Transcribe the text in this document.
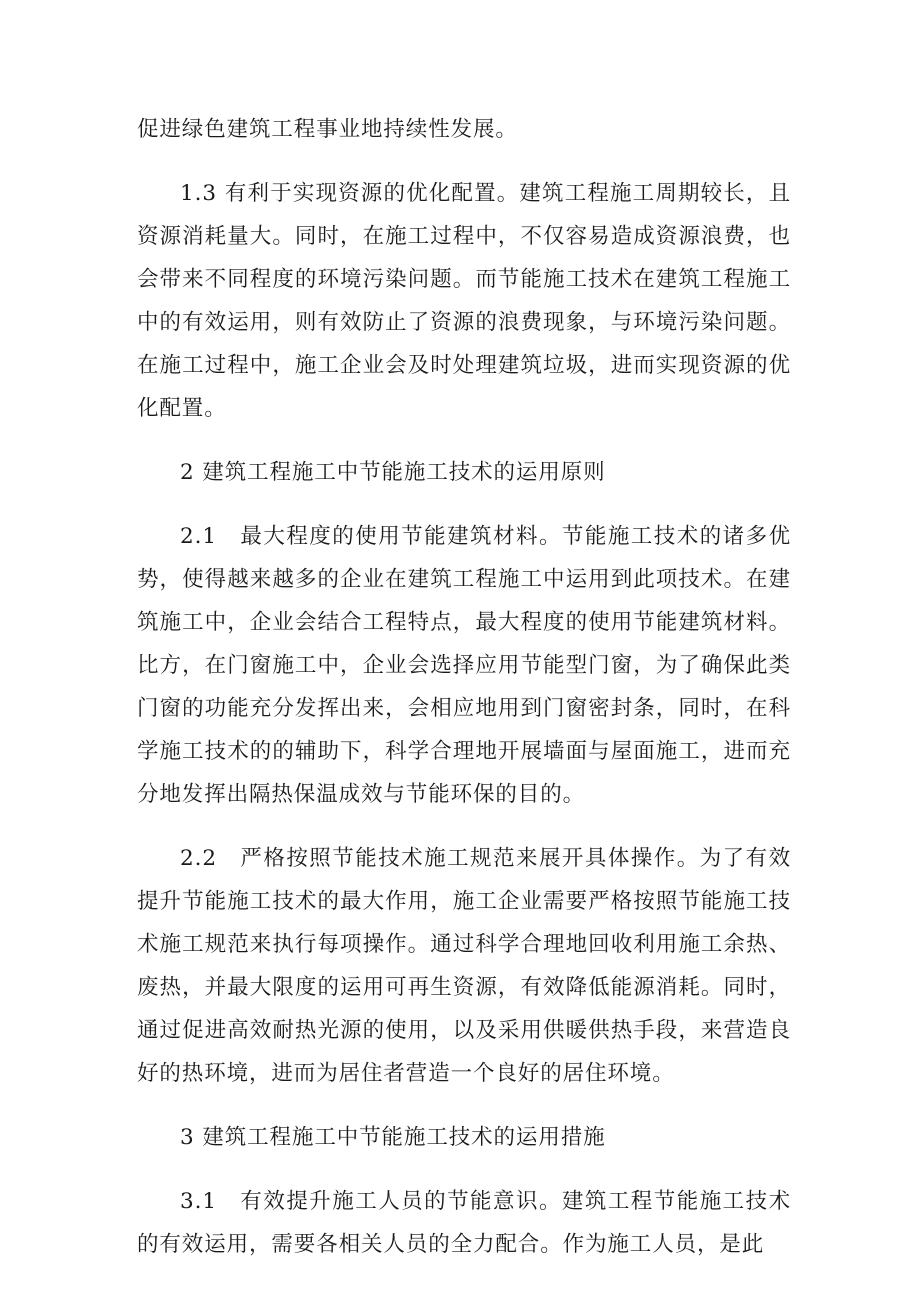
促进绿色建筑工程事业地持续性发展。

1.3 有利于实现资源的优化配置。建筑工程施工周期较长，且资源消耗量大。同时，在施工过程中，不仅容易造成资源浪费，也会带来不同程度的环境污染问题。而节能施工技术在建筑工程施工中的有效运用，则有效防止了资源的浪费现象，与环境污染问题。在施工过程中，施工企业会及时处理建筑垃圾，进而实现资源的优化配置。

2 建筑工程施工中节能施工技术的运用原则

2.1　最大程度的使用节能建筑材料。节能施工技术的诸多优势，使得越来越多的企业在建筑工程施工中运用到此项技术。在建筑施工中，企业会结合工程特点，最大程度的使用节能建筑材料。比方，在门窗施工中，企业会选择应用节能型门窗，为了确保此类门窗的功能充分发挥出来，会相应地用到门窗密封条，同时，在科学施工技术的的辅助下，科学合理地开展墙面与屋面施工，进而充分地发挥出隔热保温成效与节能环保的目的。

2.2　严格按照节能技术施工规范来展开具体操作。为了有效提升节能施工技术的最大作用，施工企业需要严格按照节能施工技术施工规范来执行每项操作。通过科学合理地回收利用施工余热、废热，并最大限度的运用可再生资源，有效降低能源消耗。同时，通过促进高效耐热光源的使用，以及采用供暖供热手段，来营造良好的热环境，进而为居住者营造一个良好的居住环境。

3 建筑工程施工中节能施工技术的运用措施

3.1　有效提升施工人员的节能意识。建筑工程节能施工技术的有效运用，需要各相关人员的全力配合。作为施工人员，是此
